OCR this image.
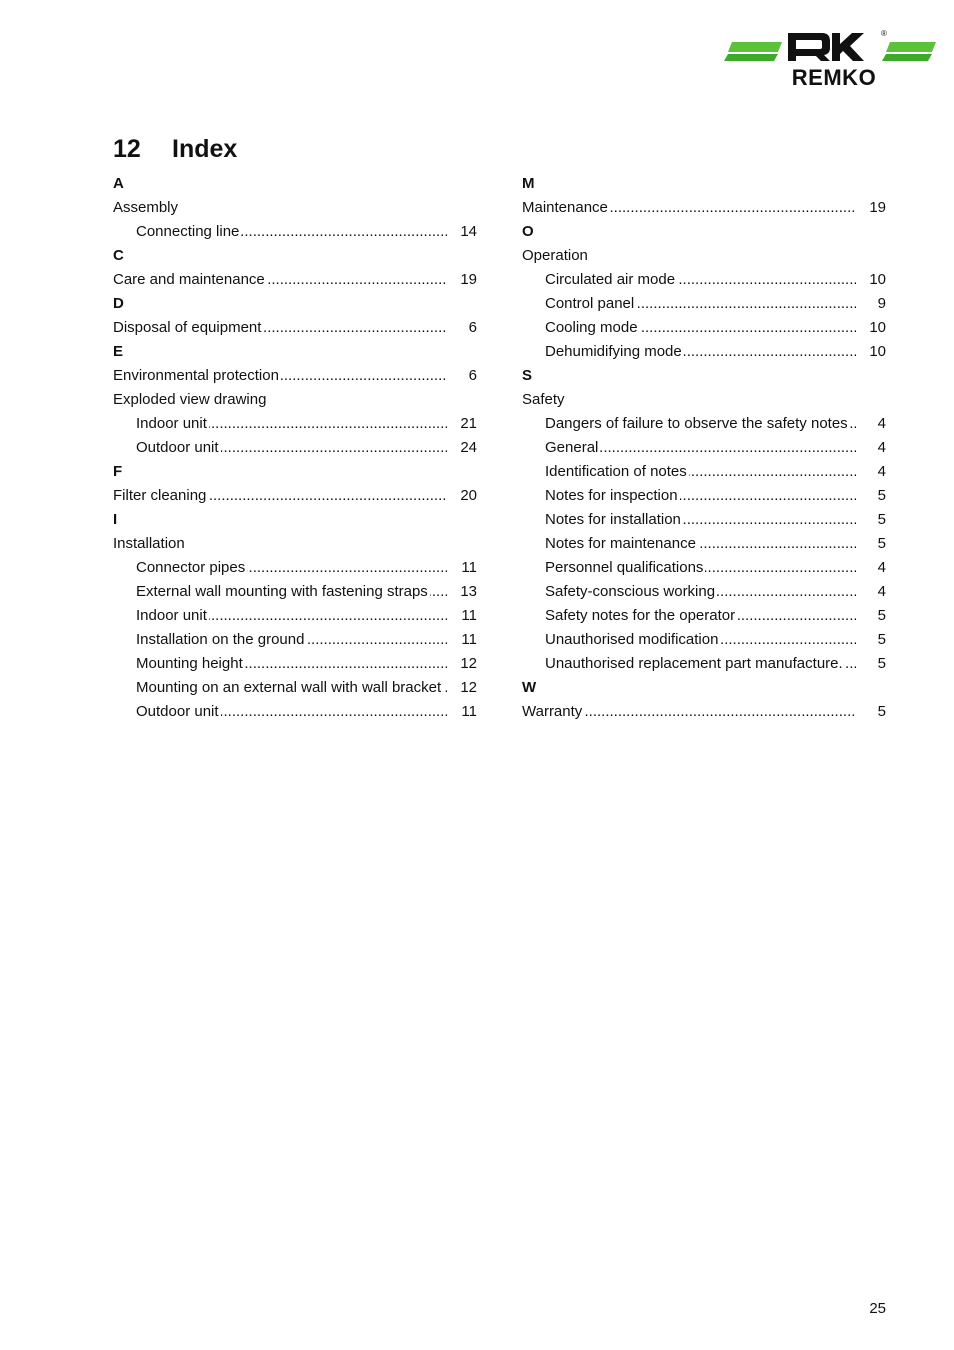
REMKO
®
12	Index
A
Assembly
Connecting line .....	14
C
Care and maintenance .....	19
D
Disposal of equipment .....	6
E
Environmental protection .....	6
Exploded view drawing
Indoor unit .....	21
Outdoor unit .....	24
F
Filter cleaning .....	20
I
Installation
Connector pipes .....	11
External wall mounting with fastening straps .....	13
Indoor unit .....	11
Installation on the ground .....	11
Mounting height .....	12
Mounting on an external wall with wall bracket .....	12
Outdoor unit .....	11
M
Maintenance .....	19
O
Operation
Circulated air mode .....	10
Control panel .....	9
Cooling mode .....	10
Dehumidifying mode .....	10
S
Safety
Dangers of failure to observe the safety notes .....	4
General .....	4
Identification of notes .....	4
Notes for inspection .....	5
Notes for installation .....	5
Notes for maintenance .....	5
Personnel qualifications .....	4
Safety-conscious working .....	4
Safety notes for the operator .....	5
Unauthorised modification .....	5
Unauthorised replacement part manufacture. .....	5
W
Warranty .....	5
25
